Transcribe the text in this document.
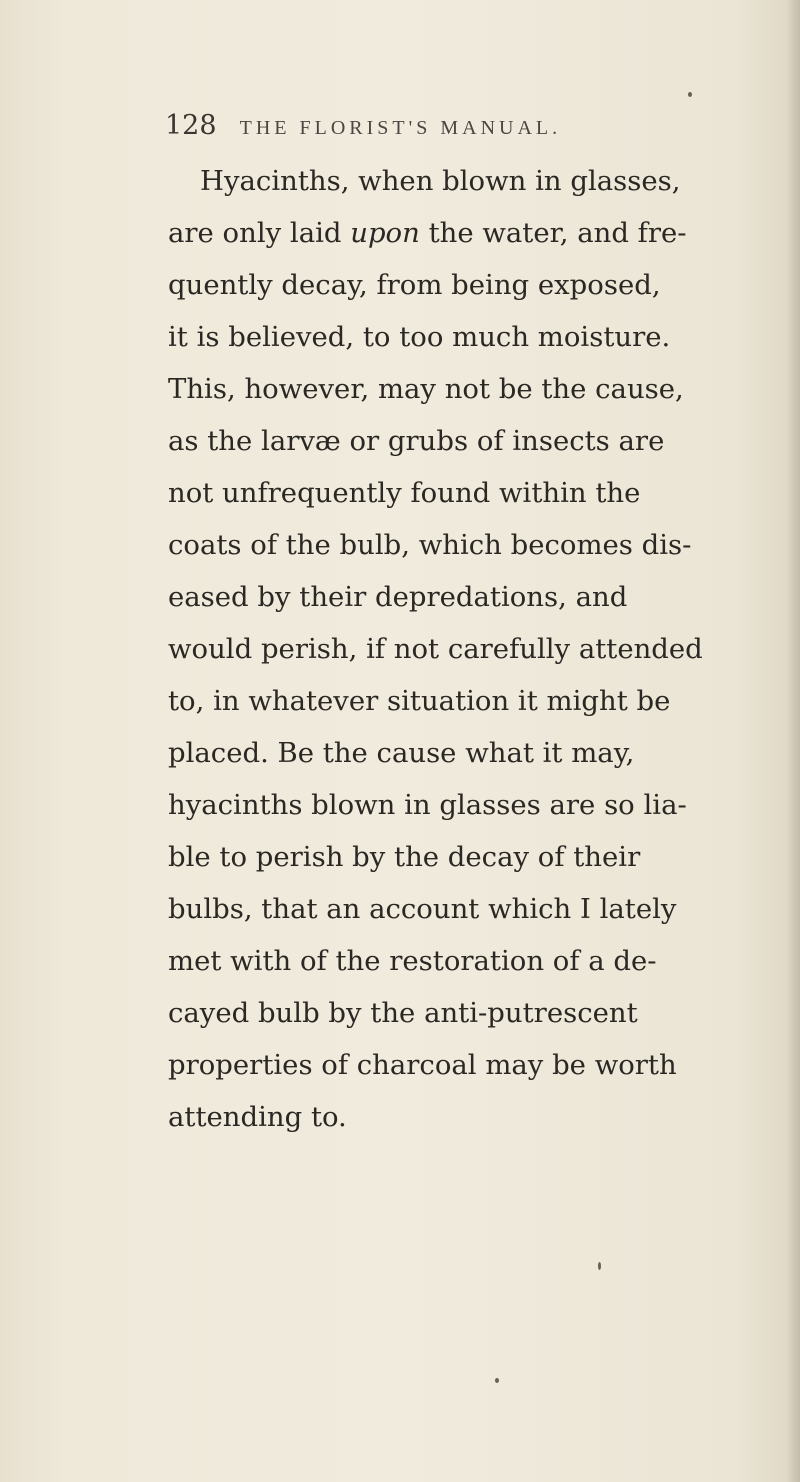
128 THE FLORIST'S MANUAL.
Hyacinths, when blown in glasses,
are only laid upon the water, and fre-
quently decay, from being exposed,
it is believed, to too much moisture.
This, however, may not be the cause,
as the larvæ or grubs of insects are
not unfrequently found within the
coats of the bulb, which becomes dis-
eased by their depredations, and
would perish, if not carefully attended
to, in whatever situation it might be
placed. Be the cause what it may,
hyacinths blown in glasses are so lia-
ble to perish by the decay of their
bulbs, that an account which I lately
met with of the restoration of a de-
cayed bulb by the anti-putrescent
properties of charcoal may be worth
attending to.
